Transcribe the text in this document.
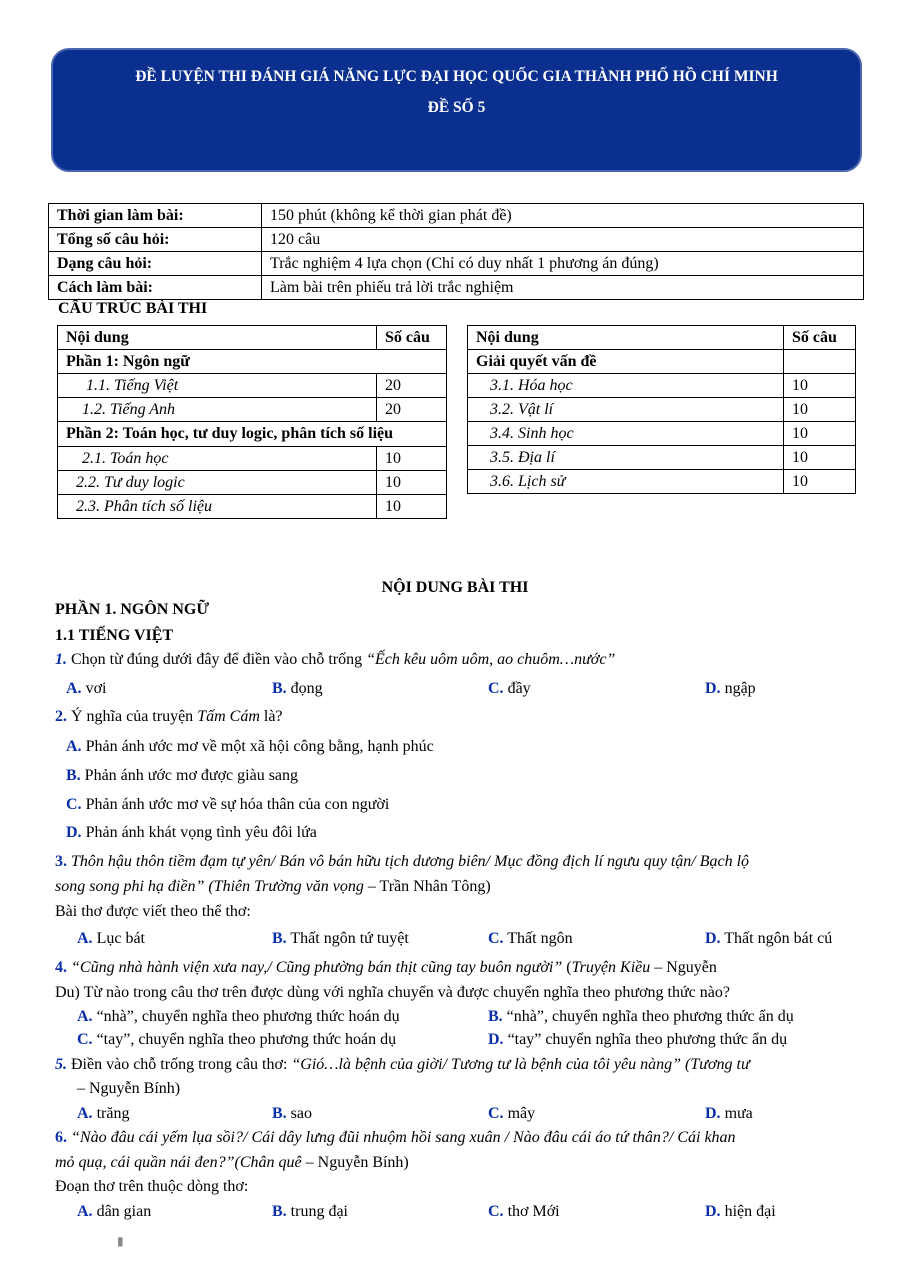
ĐỀ LUYỆN THI ĐÁNH GIÁ NĂNG LỰC ĐẠI HỌC QUỐC GIA THÀNH PHỐ HỒ CHÍ MINH
ĐỀ SỐ 5
Thời gian làm bài:	150 phút (không kể thời gian phát đề)
Tổng số câu hỏi:	120 câu
Dạng câu hỏi:	Trắc nghiệm 4 lựa chọn (Chỉ có duy nhất 1 phương án đúng)
Cách làm bài:	Làm bài trên phiếu trả lời trắc nghiệm
CẤU TRÚC BÀI THI
Nội dung	Số câu
Phần 1: Ngôn ngữ	
1.1. Tiếng Việt	20
1.2. Tiếng Anh	20
Phần 2: Toán học, tư duy logic, phân tích số liệu	
2.1. Toán học	10
2.2. Tư duy logic	10
2.3. Phân tích số liệu	10
Nội dung	Số câu
Giải quyết vấn đề	
3.1. Hóa học	10
3.2. Vật lí	10
3.4. Sinh học	10
3.5. Địa lí	10
3.6. Lịch sử	10
NỘI DUNG BÀI THI
PHẦN 1. NGÔN NGỮ
1.1 TIẾNG VIỆT
1. Chọn từ đúng dưới đây để điền vào chỗ trống “Ếch kêu uôm uôm, ao chuôm…nước”
A. vơi	B. đọng	C. đầy	D. ngập
2. Ý nghĩa của truyện Tấm Cám là?
A. Phản ánh ước mơ về một xã hội công bằng, hạnh phúc
B. Phản ánh ước mơ được giàu sang
C. Phản ánh ước mơ về sự hóa thân của con người
D. Phản ánh khát vọng tình yêu đôi lứa
3. Thôn hậu thôn tiềm đạm tự yên/ Bán vô bán hữu tịch dương biên/ Mục đồng địch lí ngưu quy tận/ Bạch lộ
song song phi hạ điền” (Thiên Trường văn vọng – Trần Nhân Tông)
Bài thơ được viết theo thể thơ:
A. Lục bát	B. Thất ngôn tứ tuyệt	C. Thất ngôn	D. Thất ngôn bát cú
4. “Cũng nhà hành viện xưa nay,/ Cũng phường bán thịt cũng tay buôn người” (Truyện Kiều – Nguyễn
Du) Từ nào trong câu thơ trên được dùng với nghĩa chuyển và được chuyển nghĩa theo phương thức nào?
A. “nhà”, chuyển nghĩa theo phương thức hoán dụ	B. “nhà”, chuyển nghĩa theo phương thức ẩn dụ
C. “tay”, chuyển nghĩa theo phương thức hoán dụ	D. “tay” chuyển nghĩa theo phương thức ẩn dụ
5. Điền vào chỗ trống trong câu thơ: “Gió…là bệnh của giời/ Tương tư là bệnh của tôi yêu nàng” (Tương tư
– Nguyễn Bính)
A. trăng	B. sao	C. mây	D. mưa
6. “Nào đâu cái yếm lụa sồi?/ Cái dây lưng đũi nhuộm hồi sang xuân / Nào đâu cái áo tứ thân?/ Cái khan
mỏ quạ, cái quần nái đen?”(Chân quê – Nguyễn Bính)
Đoạn thơ trên thuộc dòng thơ:
A. dân gian	B. trung đại	C. thơ Mới	D. hiện đại
▮
